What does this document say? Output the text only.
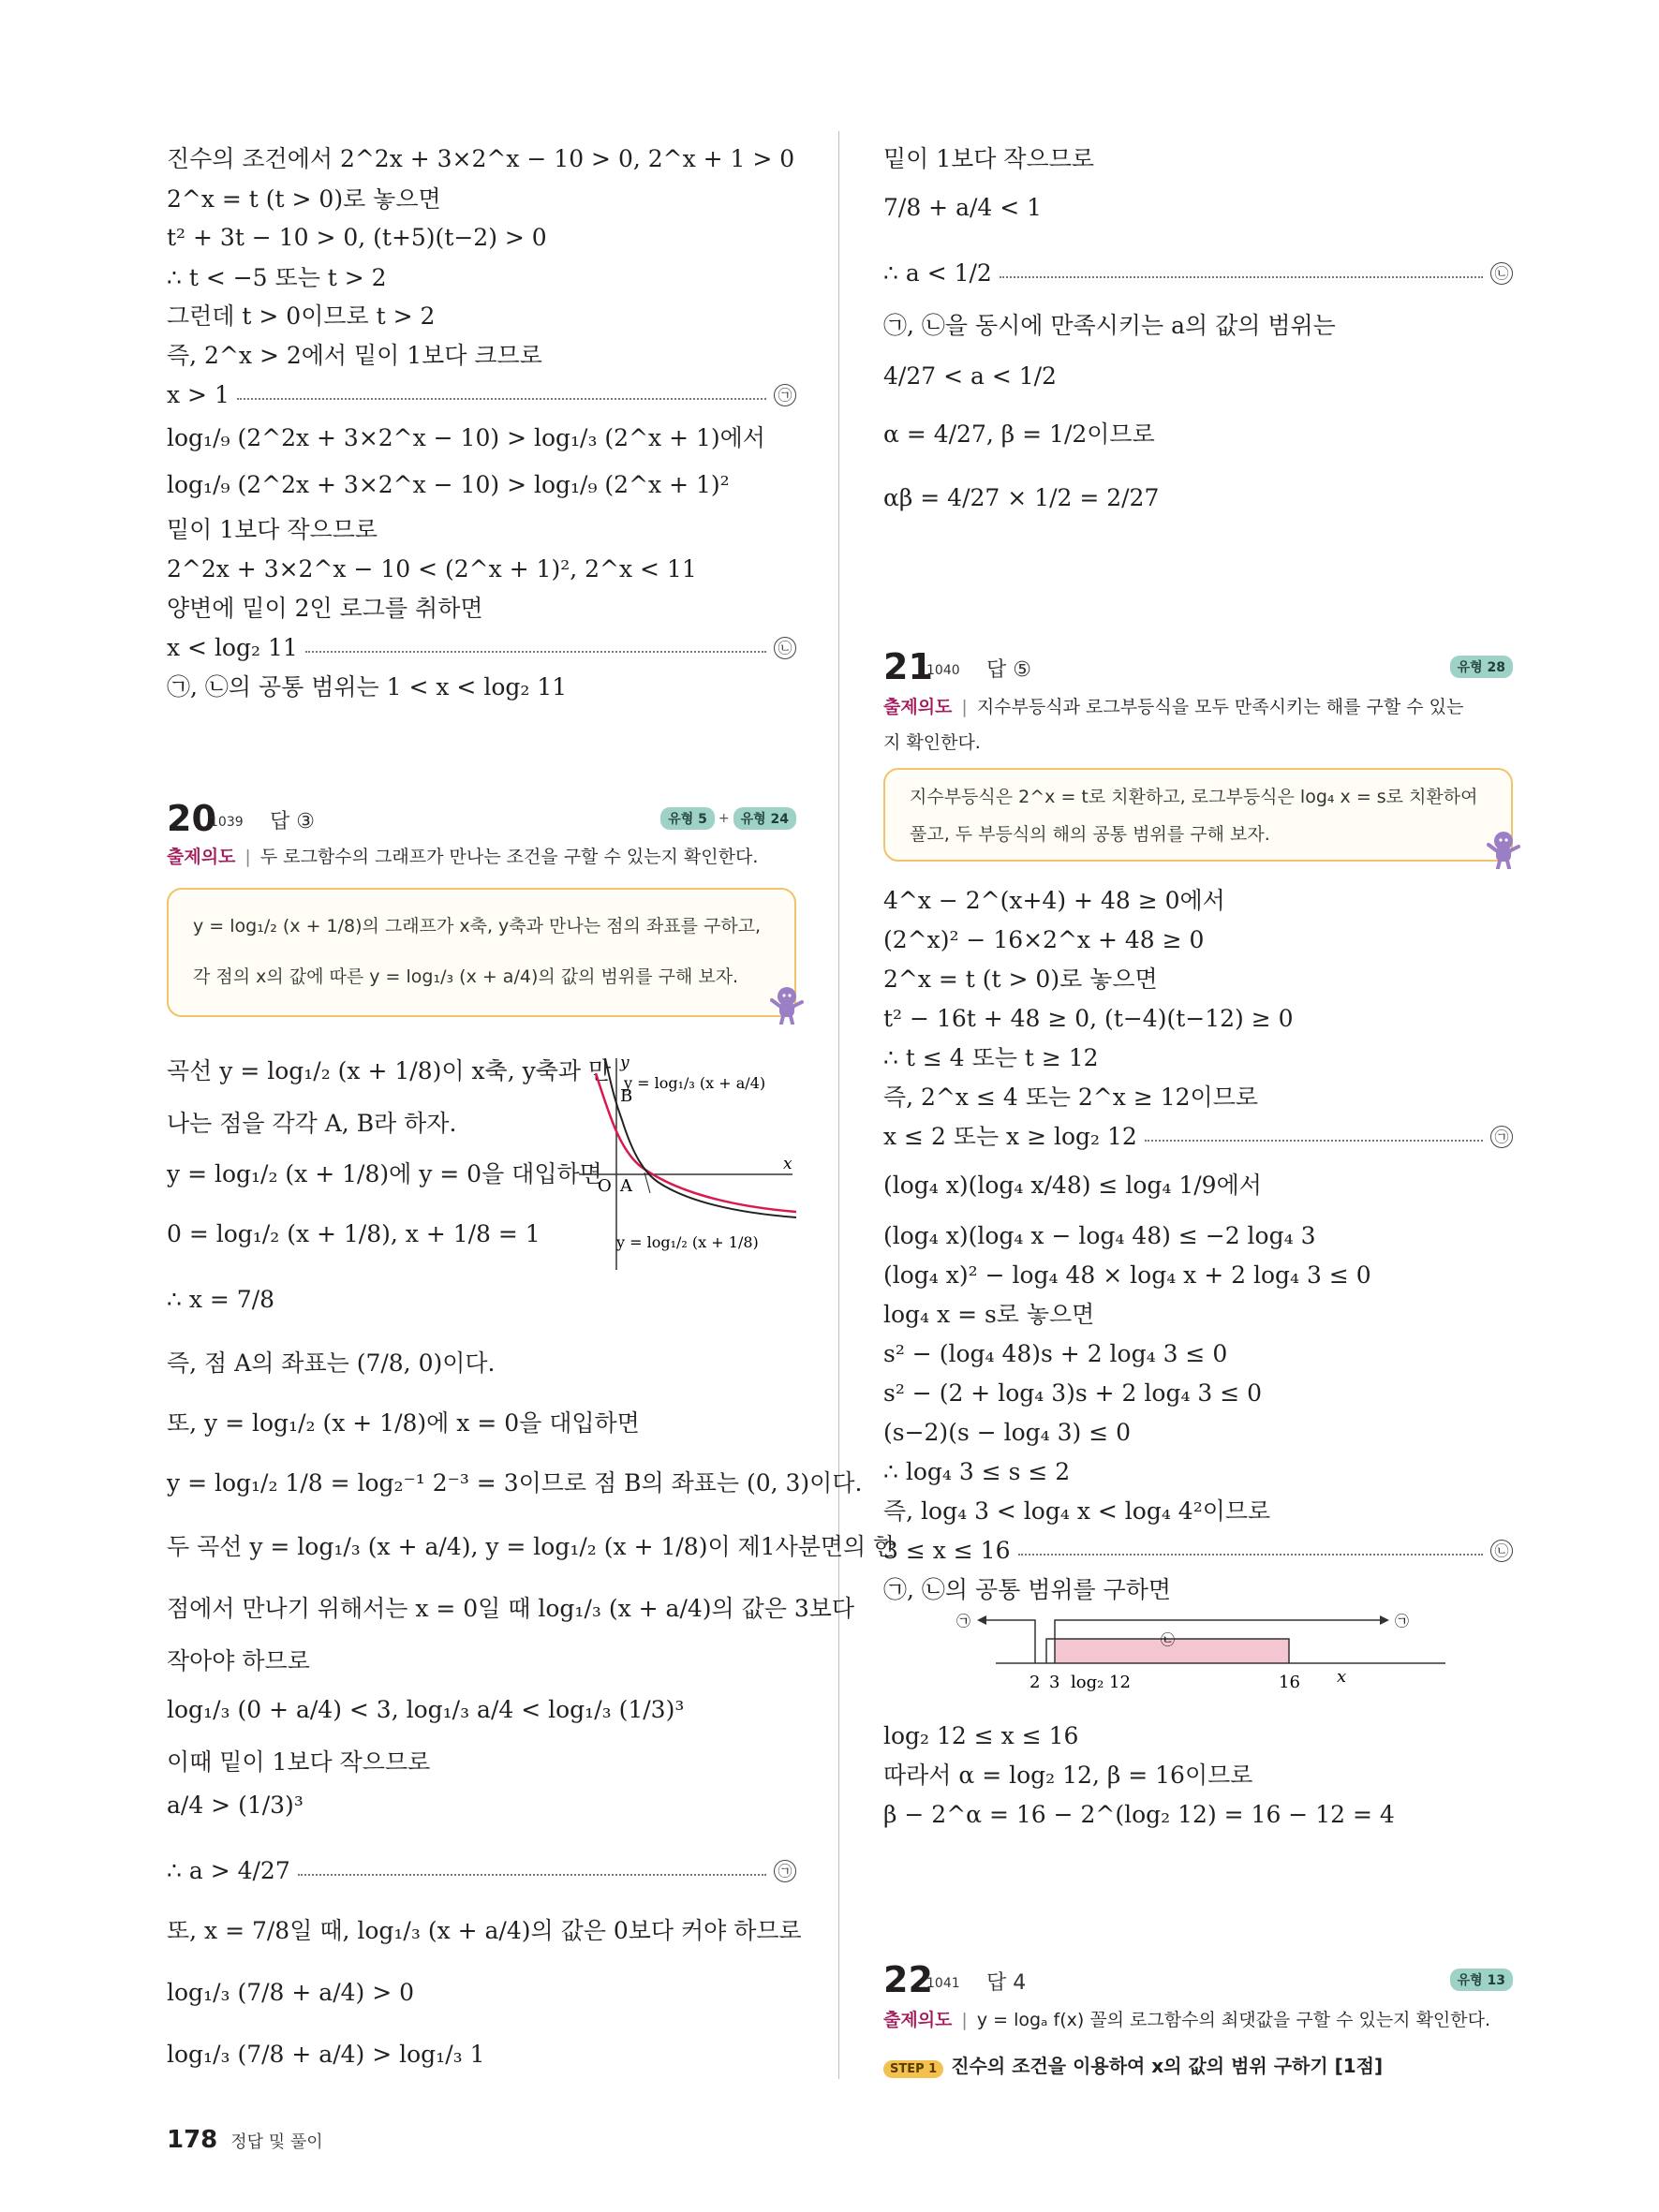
진수의 조건에서 2^2x + 3×2^x − 10 > 0, 2^x + 1 > 0
2^x = t (t > 0)로 놓으면
t² + 3t − 10 > 0, (t+5)(t−2) > 0
∴ t < −5 또는 t > 2
그런데 t > 0이므로 t > 2
즉, 2^x > 2에서 밑이 1보다 크므로
x > 1	㉠
log₁/₉ (2^2x + 3×2^x − 10) > log₁/₃ (2^x + 1)에서
log₁/₉ (2^2x + 3×2^x − 10) > log₁/₉ (2^x + 1)²
밑이 1보다 작으므로
2^2x + 3×2^x − 10 < (2^x + 1)², 2^x < 11
양변에 밑이 2인 로그를 취하면
x < log₂ 11	㉡
㉠, ㉡의 공통 범위는 1 < x < log₂ 11
20
1039 답 ③	유형 5 + 유형 24
출제의도 | 두 로그함수의 그래프가 만나는 조건을 구할 수 있는지 확인한다.
y = log₁/₂ (x + 1/8)의 그래프가 x축, y축과 만나는 점의 좌표를 구하고,
각 점의 x의 값에 따른 y = log₁/₃ (x + a/4)의 값의 범위를 구해 보자.
곡선 y = log₁/₂ (x + 1/8)이 x축, y축과 만
나는 점을 각각 A, B라 하자.
y = log₁/₂ (x + 1/8)에 y = 0을 대입하면
0 = log₁/₂ (x + 1/8), x + 1/8 = 1
∴ x = 7/8
즉, 점 A의 좌표는 (7/8, 0)이다.
또, y = log₁/₂ (x + 1/8)에 x = 0을 대입하면
y = log₁/₂ 1/8 = log₂⁻¹ 2⁻³ = 3이므로 점 B의 좌표는 (0, 3)이다.
두 곡선 y = log₁/₃ (x + a/4), y = log₁/₂ (x + 1/8)이 제1사분면의 한
점에서 만나기 위해서는 x = 0일 때 log₁/₃ (x + a/4)의 값은 3보다
작아야 하므로
log₁/₃ (0 + a/4) < 3, log₁/₃ a/4 < log₁/₃ (1/3)³
이때 밑이 1보다 작으므로
a/4 > (1/3)³
∴ a > 4/27	㉠
또, x = 7/8일 때, log₁/₃ (x + a/4)의 값은 0보다 커야 하므로
log₁/₃ (7/8 + a/4) > 0
log₁/₃ (7/8 + a/4) > log₁/₃ 1
y
x
O A
B
y = log₁/₃ (x + a/4)
y = log₁/₂ (x + 1/8)
밑이 1보다 작으므로
7/8 + a/4 < 1
∴ a < 1/2	㉡
㉠, ㉡을 동시에 만족시키는 a의 값의 범위는
4/27 < a < 1/2
α = 4/27, β = 1/2이므로
αβ = 4/27 × 1/2 = 2/27
21
1040 답 ⑤	유형 28
출제의도 | 지수부등식과 로그부등식을 모두 만족시키는 해를 구할 수 있는
지 확인한다.
지수부등식은 2^x = t로 치환하고, 로그부등식은 log₄ x = s로 치환하여
풀고, 두 부등식의 해의 공통 범위를 구해 보자.
4^x − 2^(x+4) + 48 ≥ 0에서
(2^x)² − 16×2^x + 48 ≥ 0
2^x = t (t > 0)로 놓으면
t² − 16t + 48 ≥ 0, (t−4)(t−12) ≥ 0
∴ t ≤ 4 또는 t ≥ 12
즉, 2^x ≤ 4 또는 2^x ≥ 12이므로
x ≤ 2 또는 x ≥ log₂ 12	㉠
(log₄ x)(log₄ x/48) ≤ log₄ 1/9에서
(log₄ x)(log₄ x − log₄ 48) ≤ −2 log₄ 3
(log₄ x)² − log₄ 48 × log₄ x + 2 log₄ 3 ≤ 0
log₄ x = s로 놓으면
s² − (log₄ 48)s + 2 log₄ 3 ≤ 0
s² − (2 + log₄ 3)s + 2 log₄ 3 ≤ 0
(s−2)(s − log₄ 3) ≤ 0
∴ log₄ 3 ≤ s ≤ 2
즉, log₄ 3 < log₄ x < log₄ 4²이므로
3 ≤ x ≤ 16	㉡
㉠, ㉡의 공통 범위를 구하면
㉠	㉠
㉡
2 3 log₂ 12	16 x
log₂ 12 ≤ x ≤ 16
따라서 α = log₂ 12, β = 16이므로
β − 2^α = 16 − 2^(log₂ 12) = 16 − 12 = 4
22
1041 답 4	유형 13
출제의도 | y = logₐ f(x) 꼴의 로그함수의 최댓값을 구할 수 있는지 확인한다.
STEP 1 진수의 조건을 이용하여 x의 값의 범위 구하기 [1점]
178 정답 및 풀이
